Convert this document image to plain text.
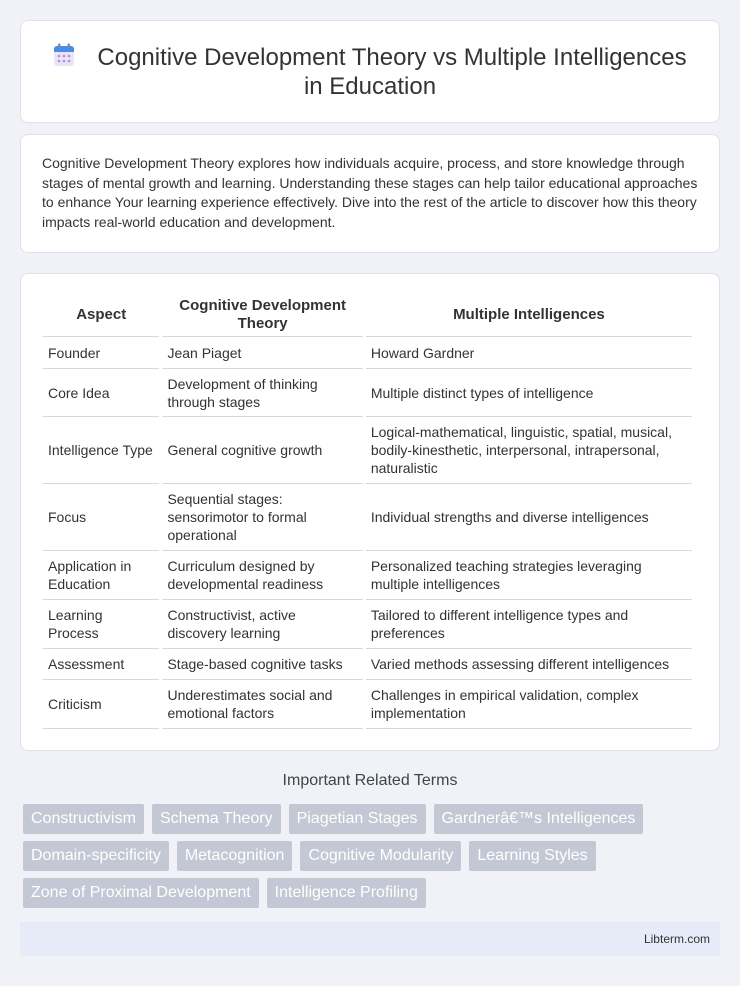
Cognitive Development Theory vs Multiple Intelligences in Education

Cognitive Development Theory explores how individuals acquire, process, and store knowledge through stages of mental growth and learning. Understanding these stages can help tailor educational approaches to enhance Your learning experience effectively. Dive into the rest of the article to discover how this theory impacts real-world education and development.

Aspect	Cognitive Development Theory	Multiple Intelligences
Founder	Jean Piaget	Howard Gardner
Core Idea	Development of thinking through stages	Multiple distinct types of intelligence
Intelligence Type	General cognitive growth	Logical-mathematical, linguistic, spatial, musical, bodily-kinesthetic, interpersonal, intrapersonal, naturalistic
Focus	Sequential stages: sensorimotor to formal operational	Individual strengths and diverse intelligences
Application in Education	Curriculum designed by developmental readiness	Personalized teaching strategies leveraging multiple intelligences
Learning Process	Constructivist, active discovery learning	Tailored to different intelligence types and preferences
Assessment	Stage-based cognitive tasks	Varied methods assessing different intelligences
Criticism	Underestimates social and emotional factors	Challenges in empirical validation, complex implementation
Important Related Terms
Constructivism	Schema Theory	Piagetian Stages	Gardnerâ€™s Intelligences
Domain-specificity	Metacognition	Cognitive Modularity	Learning Styles
Zone of Proximal Development	Intelligence Profiling
Libterm.com
